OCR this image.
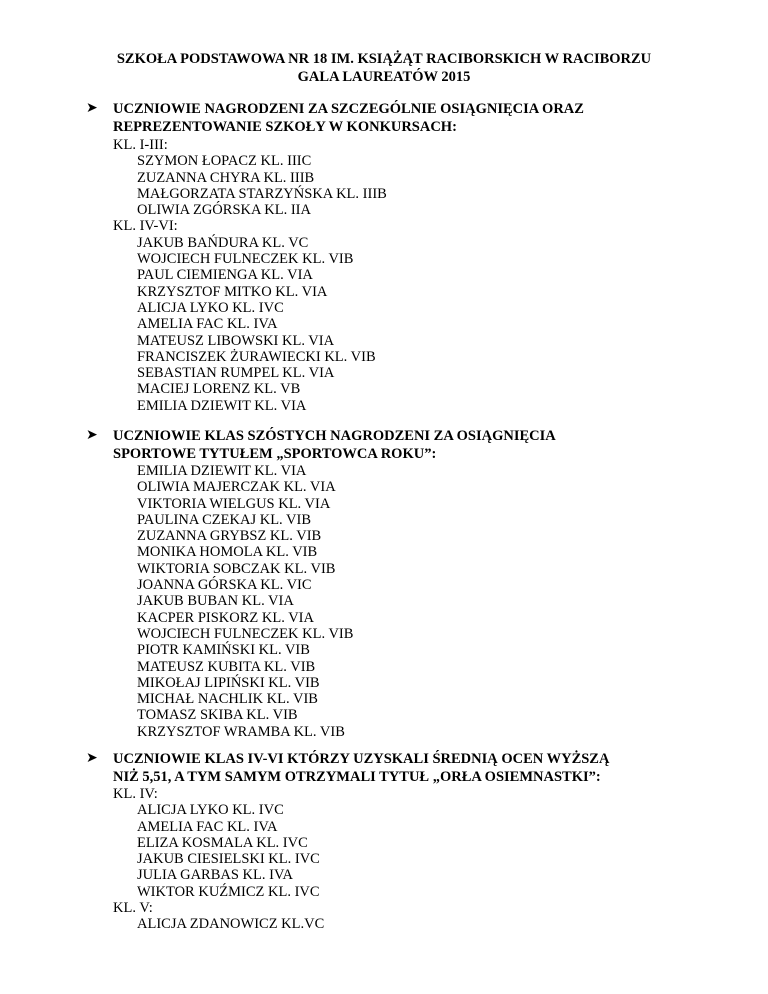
SZKOŁA PODSTAWOWA NR 18 IM. KSIĄŻĄT RACIBORSKICH W RACIBORZU
GALA LAUREATÓW 2015
➤ UCZNIOWIE NAGRODZENI ZA SZCZEGÓLNIE OSIĄGNIĘCIA ORAZ
REPREZENTOWANIE SZKOŁY W KONKURSACH:
KL. I-III:
SZYMON ŁOPACZ KL. IIIC
ZUZANNA CHYRA KL. IIIB
MAŁGORZATA STARZYŃSKA KL. IIIB
OLIWIA ZGÓRSKA KL. IIA
KL. IV-VI:
JAKUB BAŃDURA KL. VC
WOJCIECH FULNECZEK KL. VIB
PAUL CIEMIENGA KL. VIA
KRZYSZTOF MITKO KL. VIA
ALICJA LYKO KL. IVC
AMELIA FAC KL. IVA
MATEUSZ LIBOWSKI KL. VIA
FRANCISZEK ŻURAWIECKI KL. VIB
SEBASTIAN RUMPEL KL. VIA
MACIEJ LORENZ KL. VB
EMILIA DZIEWIT KL. VIA
➤ UCZNIOWIE KLAS SZÓSTYCH NAGRODZENI ZA OSIĄGNIĘCIA
SPORTOWE TYTUŁEM „SPORTOWCA ROKU”:
EMILIA DZIEWIT KL. VIA
OLIWIA MAJERCZAK KL. VIA
VIKTORIA WIELGUS KL. VIA
PAULINA CZEKAJ KL. VIB
ZUZANNA GRYBSZ KL. VIB
MONIKA HOMOLA KL. VIB
WIKTORIA SOBCZAK KL. VIB
JOANNA GÓRSKA KL. VIC
JAKUB BUBAN KL. VIA
KACPER PISKORZ KL. VIA
WOJCIECH FULNECZEK KL. VIB
PIOTR KAMIŃSKI KL. VIB
MATEUSZ KUBITA KL. VIB
MIKOŁAJ LIPIŃSKI KL. VIB
MICHAŁ NACHLIK KL. VIB
TOMASZ SKIBA KL. VIB
KRZYSZTOF WRAMBA KL. VIB
➤ UCZNIOWIE KLAS IV-VI KTÓRZY UZYSKALI ŚREDNIĄ OCEN WYŻSZĄ
NIŻ 5,51, A TYM SAMYM OTRZYMALI TYTUŁ „ORŁA OSIEMNASTKI”:
KL. IV:
ALICJA LYKO KL. IVC
AMELIA FAC KL. IVA
ELIZA KOSMALA KL. IVC
JAKUB CIESIELSKI KL. IVC
JULIA GARBAS KL. IVA
WIKTOR KUŹMICZ KL. IVC
KL. V:
ALICJA ZDANOWICZ KL.VC
